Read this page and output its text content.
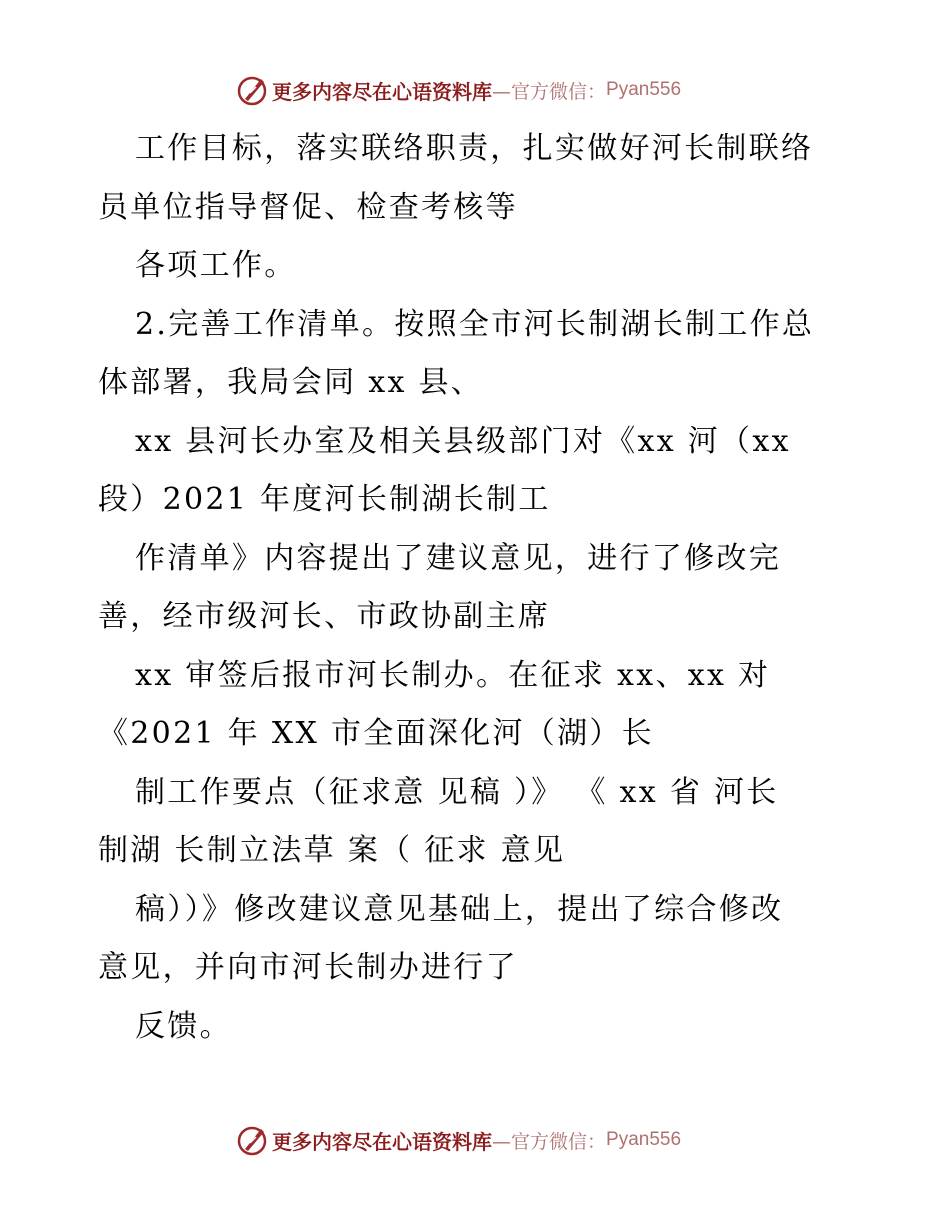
更多内容尽在心语资料库 —官方微信： Pyan556
工作目标，落实联络职责，扎实做好河长制联络
员单位指导督促、检查考核等
各项工作。
2.完善工作清单。按照全市河长制湖长制工作总
体部署，我局会同 xx 县、
xx 县河长办室及相关县级部门对《xx 河（xx
段）2021 年度河长制湖长制工
作清单》内容提出了建议意见，进行了修改完
善，经市级河长、市政协副主席
xx 审签后报市河长制办。在征求 xx、xx 对
《2021 年 XX 市全面深化河（湖）长
制工作要点（征求意 见稿 ）》 《 xx 省 河长
制湖 长制立法草 案（ 征求 意见
稿））》修改建议意见基础上，提出了综合修改
意见，并向市河长制办进行了
反馈。
更多内容尽在心语资料库 —官方微信： Pyan556
